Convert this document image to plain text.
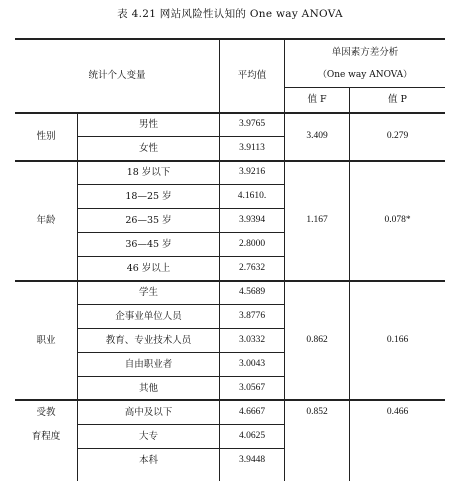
表 4.21 网站风险性认知的 One way ANOVA
统计个人变量	平均值
单因素方差分析
（One way ANOVA）
值 F	值 P
性别
男性	3.9765
女性	3.9113
3.409	0.279
年龄
18 岁以下	3.9216
18—25 岁	4.1610.
26—35 岁	3.9394
36—45 岁	2.8000
46 岁以上	2.7632
1.167	0.078*
职业
学生	4.5689
企事业单位人员	3.8776
教育、专业技术人员	3.0332
自由职业者	3.0043
其他	3.0567
0.862	0.166
受教
育程度
高中及以下	4.6667
大专	4.0625
本科	3.9448
0.852	0.466
